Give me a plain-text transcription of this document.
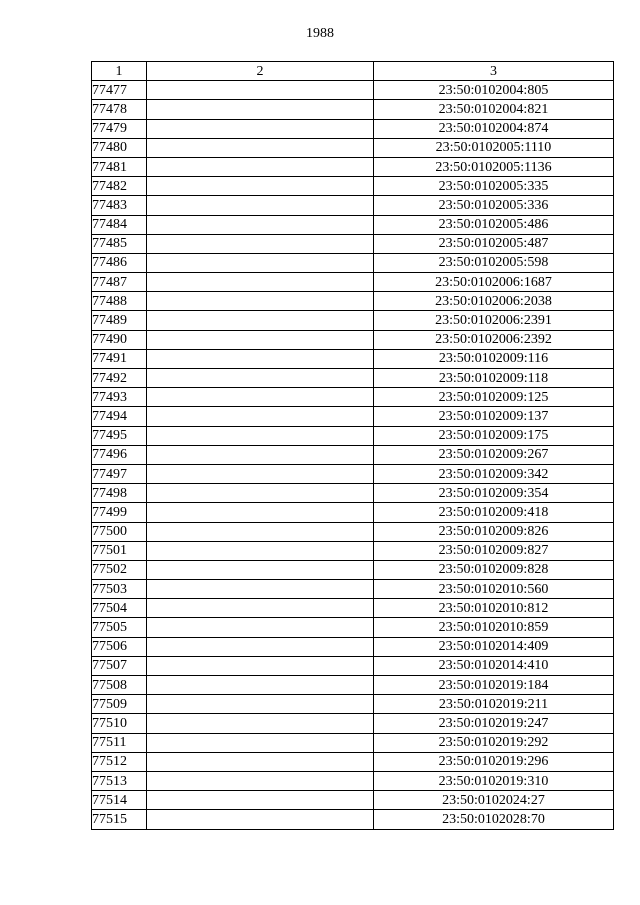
1988
1	2	3
77477		23:50:0102004:805
77478		23:50:0102004:821
77479		23:50:0102004:874
77480		23:50:0102005:1110
77481		23:50:0102005:1136
77482		23:50:0102005:335
77483		23:50:0102005:336
77484		23:50:0102005:486
77485		23:50:0102005:487
77486		23:50:0102005:598
77487		23:50:0102006:1687
77488		23:50:0102006:2038
77489		23:50:0102006:2391
77490		23:50:0102006:2392
77491		23:50:0102009:116
77492		23:50:0102009:118
77493		23:50:0102009:125
77494		23:50:0102009:137
77495		23:50:0102009:175
77496		23:50:0102009:267
77497		23:50:0102009:342
77498		23:50:0102009:354
77499		23:50:0102009:418
77500		23:50:0102009:826
77501		23:50:0102009:827
77502		23:50:0102009:828
77503		23:50:0102010:560
77504		23:50:0102010:812
77505		23:50:0102010:859
77506		23:50:0102014:409
77507		23:50:0102014:410
77508		23:50:0102019:184
77509		23:50:0102019:211
77510		23:50:0102019:247
77511		23:50:0102019:292
77512		23:50:0102019:296
77513		23:50:0102019:310
77514		23:50:0102024:27
77515		23:50:0102028:70
